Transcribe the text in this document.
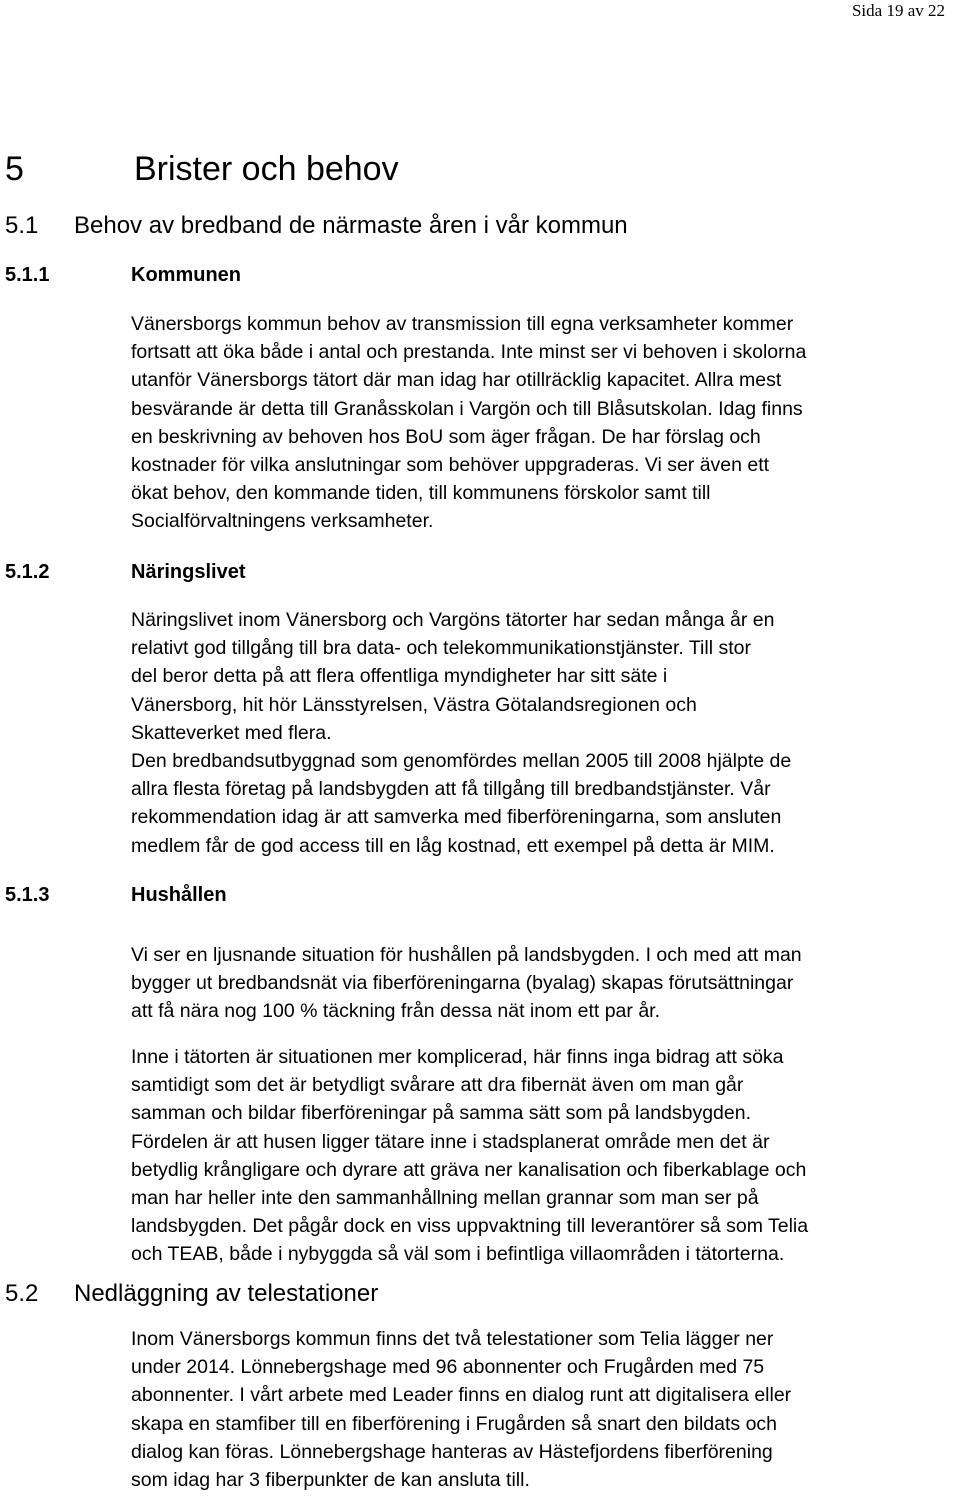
Sida 19 av 22
5	Brister och behov
5.1 Behov av bredband de närmaste åren i vår kommun
5.1.1	Kommunen
Vänersborgs kommun behov av transmission till egna verksamheter kommer
fortsatt att öka både i antal och prestanda. Inte minst ser vi behoven i skolorna
utanför Vänersborgs tätort där man idag har otillräcklig kapacitet. Allra mest
besvärande är detta till Granåsskolan i Vargön och till Blåsutskolan. Idag finns
en beskrivning av behoven hos BoU som äger frågan. De har förslag och
kostnader för vilka anslutningar som behöver uppgraderas. Vi ser även ett
ökat behov, den kommande tiden, till kommunens förskolor samt till
Socialförvaltningens verksamheter.
5.1.2	Näringslivet
Näringslivet inom Vänersborg och Vargöns tätorter har sedan många år en
relativt god tillgång till bra data- och telekommunikationstjänster. Till stor
del beror detta på att flera offentliga myndigheter har sitt säte i
Vänersborg, hit hör Länsstyrelsen, Västra Götalandsregionen och
Skatteverket med flera.
Den bredbandsutbyggnad som genomfördes mellan 2005 till 2008 hjälpte de
allra flesta företag på landsbygden att få tillgång till bredbandstjänster. Vår
rekommendation idag är att samverka med fiberföreningarna, som ansluten
medlem får de god access till en låg kostnad, ett exempel på detta är MIM.
5.1.3	Hushållen
Vi ser en ljusnande situation för hushållen på landsbygden. I och med att man
bygger ut bredbandsnät via fiberföreningarna (byalag) skapas förutsättningar
att få nära nog 100 % täckning från dessa nät inom ett par år.
Inne i tätorten är situationen mer komplicerad, här finns inga bidrag att söka
samtidigt som det är betydligt svårare att dra fibernät även om man går
samman och bildar fiberföreningar på samma sätt som på landsbygden.
Fördelen är att husen ligger tätare inne i stadsplanerat område men det är
betydlig krångligare och dyrare att gräva ner kanalisation och fiberkablage och
man har heller inte den sammanhållning mellan grannar som man ser på
landsbygden. Det pågår dock en viss uppvaktning till leverantörer så som Telia
och TEAB, både i nybyggda så väl som i befintliga villaområden i tätorterna.
5.2 Nedläggning av telestationer
Inom Vänersborgs kommun finns det två telestationer som Telia lägger ner
under 2014. Lönnebergshage med 96 abonnenter och Frugården med 75
abonnenter. I vårt arbete med Leader finns en dialog runt att digitalisera eller
skapa en stamfiber till en fiberförening i Frugården så snart den bildats och
dialog kan föras. Lönnebergshage hanteras av Hästefjordens fiberförening
som idag har 3 fiberpunkter de kan ansluta till.
